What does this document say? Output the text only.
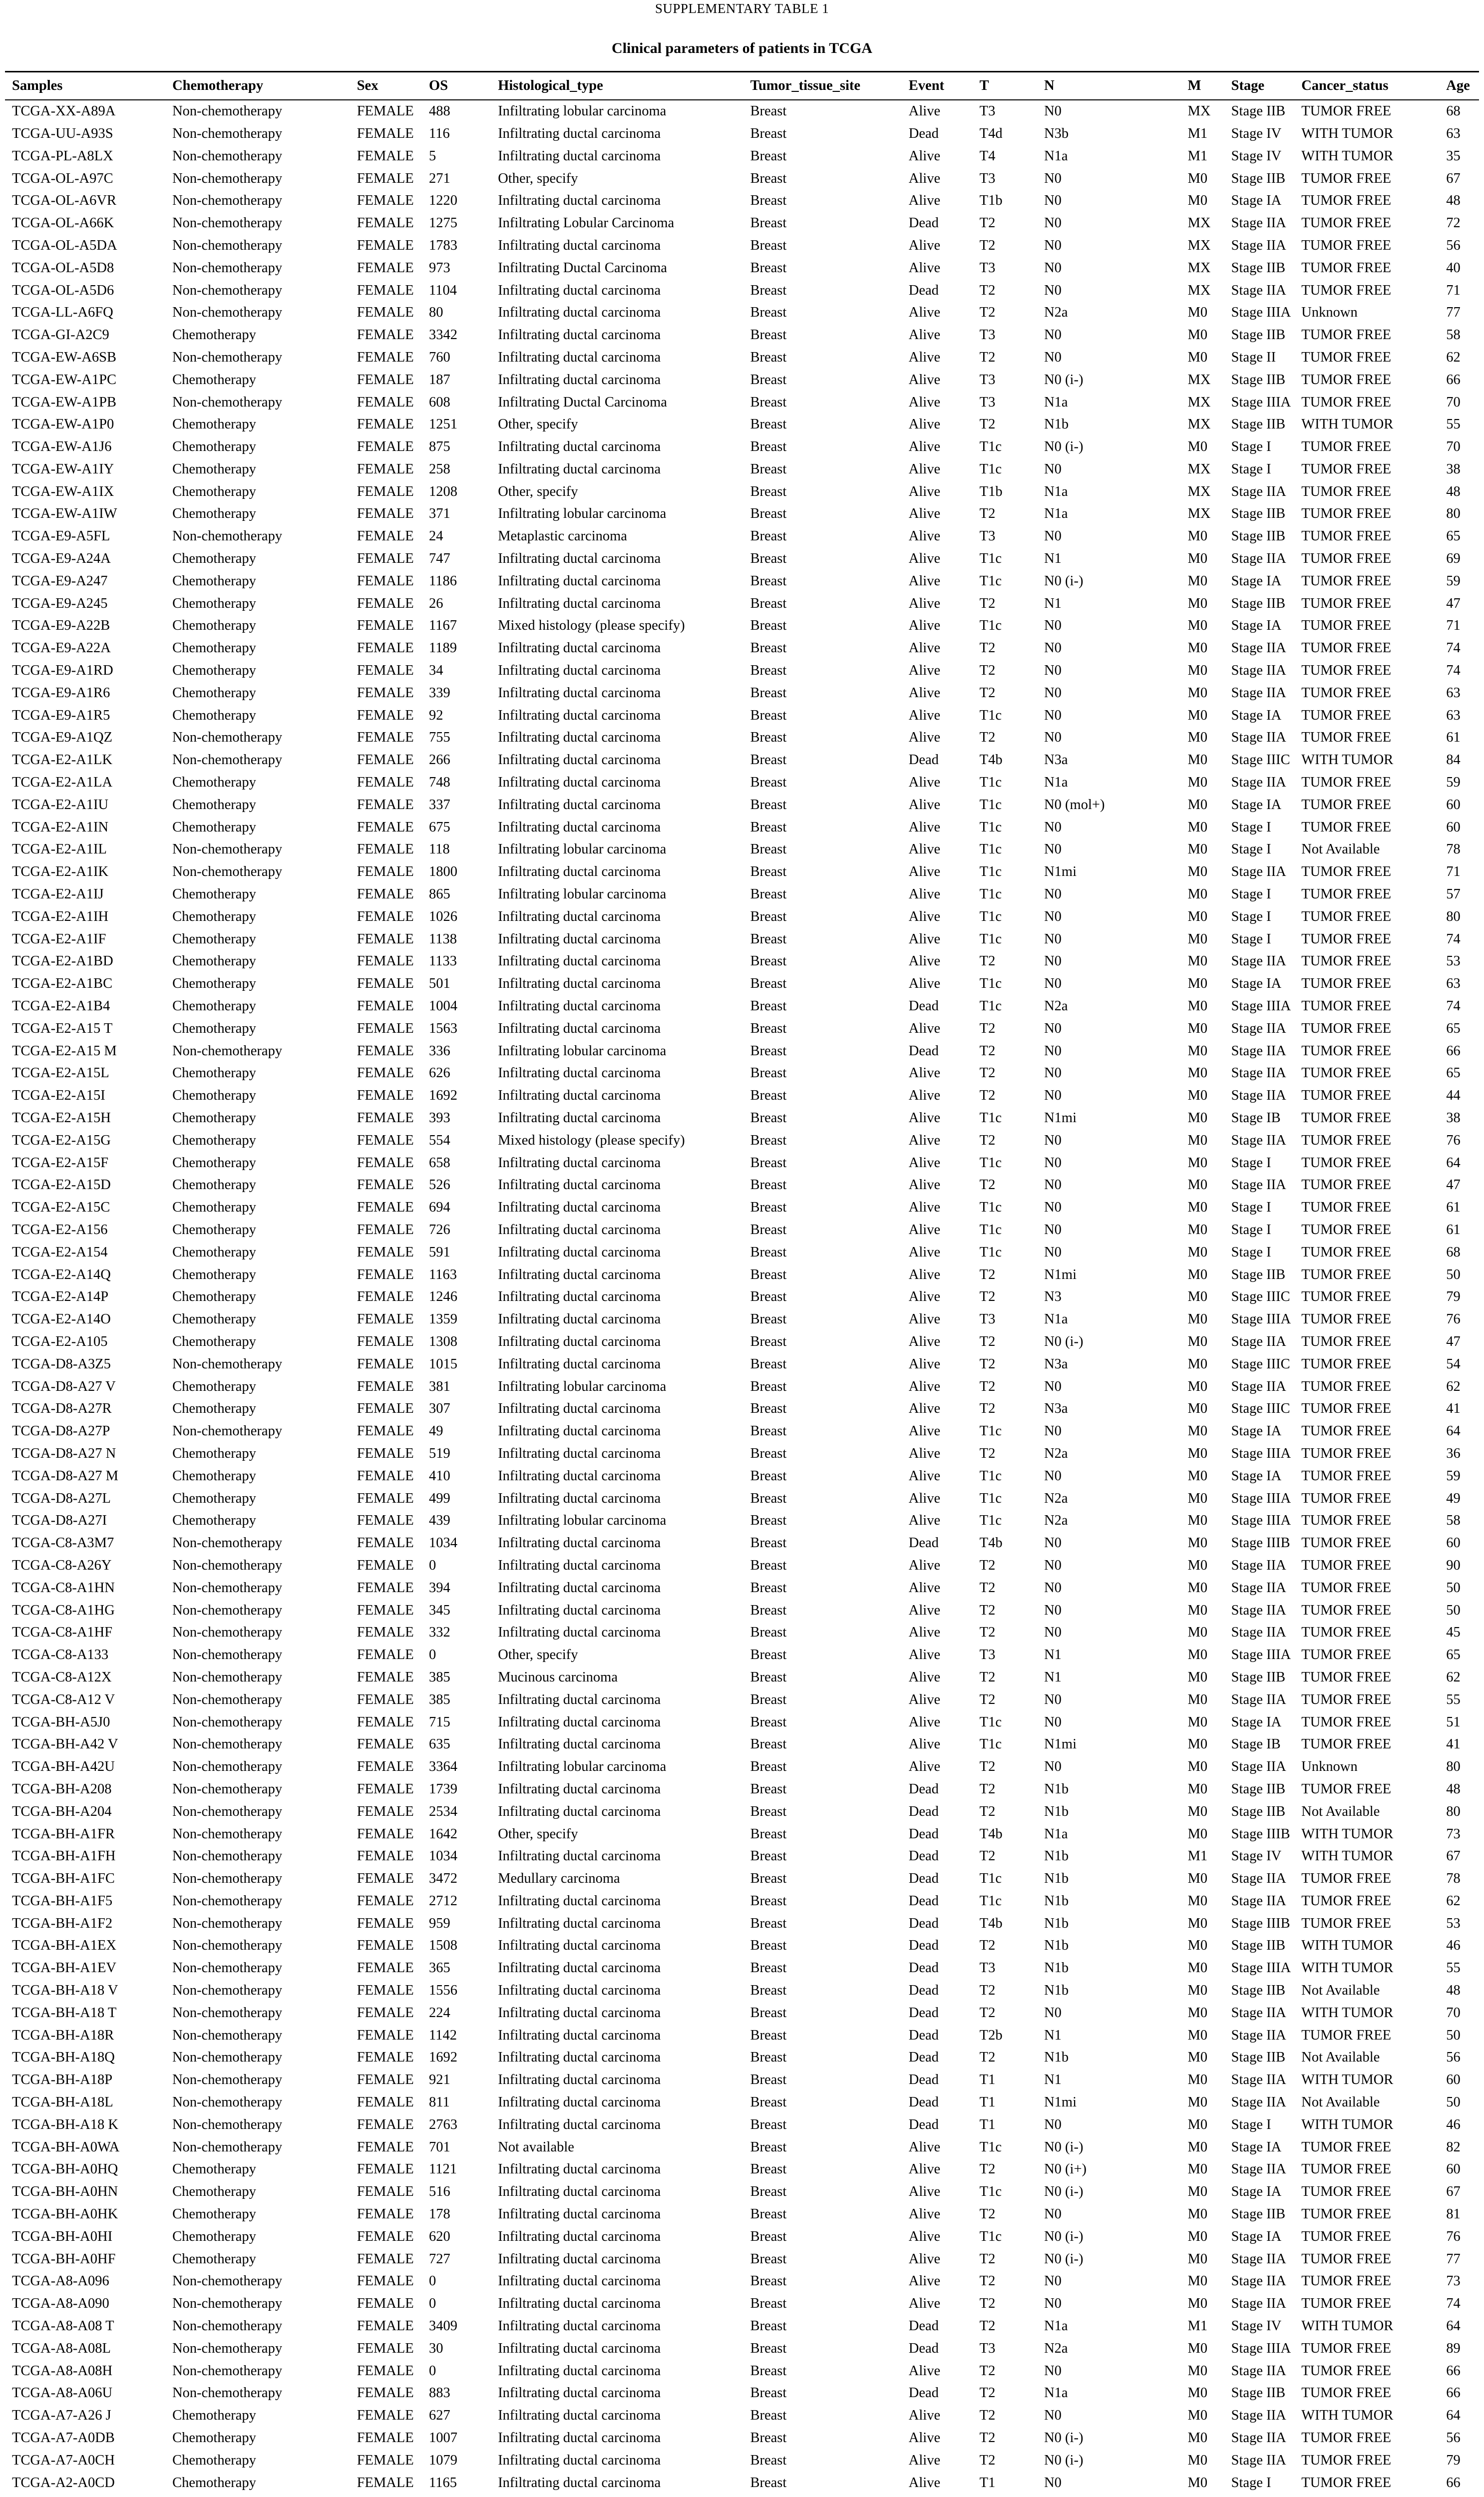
SUPPLEMENTARY TABLE 1
Clinical parameters of patients in TCGA
Samples	Chemotherapy	Sex	OS	Histological_type	Tumor_tissue_site	Event	T	N	M	Stage	Cancer_status	Age
TCGA-XX-A89A	Non-chemotherapy	FEMALE	488	Infiltrating lobular carcinoma	Breast	Alive	T3	N0	MX	Stage IIB	TUMOR FREE	68
TCGA-UU-A93S	Non-chemotherapy	FEMALE	116	Infiltrating ductal carcinoma	Breast	Dead	T4d	N3b	M1	Stage IV	WITH TUMOR	63
TCGA-PL-A8LX	Non-chemotherapy	FEMALE	5	Infiltrating ductal carcinoma	Breast	Alive	T4	N1a	M1	Stage IV	WITH TUMOR	35
TCGA-OL-A97C	Non-chemotherapy	FEMALE	271	Other, specify	Breast	Alive	T3	N0	M0	Stage IIB	TUMOR FREE	67
TCGA-OL-A6VR	Non-chemotherapy	FEMALE	1220	Infiltrating ductal carcinoma	Breast	Alive	T1b	N0	M0	Stage IA	TUMOR FREE	48
TCGA-OL-A66K	Non-chemotherapy	FEMALE	1275	Infiltrating Lobular Carcinoma	Breast	Dead	T2	N0	MX	Stage IIA	TUMOR FREE	72
TCGA-OL-A5DA	Non-chemotherapy	FEMALE	1783	Infiltrating ductal carcinoma	Breast	Alive	T2	N0	MX	Stage IIA	TUMOR FREE	56
TCGA-OL-A5D8	Non-chemotherapy	FEMALE	973	Infiltrating Ductal Carcinoma	Breast	Alive	T3	N0	MX	Stage IIB	TUMOR FREE	40
TCGA-OL-A5D6	Non-chemotherapy	FEMALE	1104	Infiltrating ductal carcinoma	Breast	Dead	T2	N0	MX	Stage IIA	TUMOR FREE	71
TCGA-LL-A6FQ	Non-chemotherapy	FEMALE	80	Infiltrating ductal carcinoma	Breast	Alive	T2	N2a	M0	Stage IIIA	Unknown	77
TCGA-GI-A2C9	Chemotherapy	FEMALE	3342	Infiltrating ductal carcinoma	Breast	Alive	T3	N0	M0	Stage IIB	TUMOR FREE	58
TCGA-EW-A6SB	Non-chemotherapy	FEMALE	760	Infiltrating ductal carcinoma	Breast	Alive	T2	N0	M0	Stage II	TUMOR FREE	62
TCGA-EW-A1PC	Chemotherapy	FEMALE	187	Infiltrating ductal carcinoma	Breast	Alive	T3	N0 (i-)	MX	Stage IIB	TUMOR FREE	66
TCGA-EW-A1PB	Non-chemotherapy	FEMALE	608	Infiltrating Ductal Carcinoma	Breast	Alive	T3	N1a	MX	Stage IIIA	TUMOR FREE	70
TCGA-EW-A1P0	Chemotherapy	FEMALE	1251	Other, specify	Breast	Alive	T2	N1b	MX	Stage IIB	WITH TUMOR	55
TCGA-EW-A1J6	Chemotherapy	FEMALE	875	Infiltrating ductal carcinoma	Breast	Alive	T1c	N0 (i-)	M0	Stage I	TUMOR FREE	70
TCGA-EW-A1IY	Chemotherapy	FEMALE	258	Infiltrating ductal carcinoma	Breast	Alive	T1c	N0	MX	Stage I	TUMOR FREE	38
TCGA-EW-A1IX	Chemotherapy	FEMALE	1208	Other, specify	Breast	Alive	T1b	N1a	MX	Stage IIA	TUMOR FREE	48
TCGA-EW-A1IW	Chemotherapy	FEMALE	371	Infiltrating lobular carcinoma	Breast	Alive	T2	N1a	MX	Stage IIB	TUMOR FREE	80
TCGA-E9-A5FL	Non-chemotherapy	FEMALE	24	Metaplastic carcinoma	Breast	Alive	T3	N0	M0	Stage IIB	TUMOR FREE	65
TCGA-E9-A24A	Chemotherapy	FEMALE	747	Infiltrating ductal carcinoma	Breast	Alive	T1c	N1	M0	Stage IIA	TUMOR FREE	69
TCGA-E9-A247	Chemotherapy	FEMALE	1186	Infiltrating ductal carcinoma	Breast	Alive	T1c	N0 (i-)	M0	Stage IA	TUMOR FREE	59
TCGA-E9-A245	Chemotherapy	FEMALE	26	Infiltrating ductal carcinoma	Breast	Alive	T2	N1	M0	Stage IIB	TUMOR FREE	47
TCGA-E9-A22B	Chemotherapy	FEMALE	1167	Mixed histology (please specify)	Breast	Alive	T1c	N0	M0	Stage IA	TUMOR FREE	71
TCGA-E9-A22A	Chemotherapy	FEMALE	1189	Infiltrating ductal carcinoma	Breast	Alive	T2	N0	M0	Stage IIA	TUMOR FREE	74
TCGA-E9-A1RD	Chemotherapy	FEMALE	34	Infiltrating ductal carcinoma	Breast	Alive	T2	N0	M0	Stage IIA	TUMOR FREE	74
TCGA-E9-A1R6	Chemotherapy	FEMALE	339	Infiltrating ductal carcinoma	Breast	Alive	T2	N0	M0	Stage IIA	TUMOR FREE	63
TCGA-E9-A1R5	Chemotherapy	FEMALE	92	Infiltrating ductal carcinoma	Breast	Alive	T1c	N0	M0	Stage IA	TUMOR FREE	63
TCGA-E9-A1QZ	Non-chemotherapy	FEMALE	755	Infiltrating ductal carcinoma	Breast	Alive	T2	N0	M0	Stage IIA	TUMOR FREE	61
TCGA-E2-A1LK	Non-chemotherapy	FEMALE	266	Infiltrating ductal carcinoma	Breast	Dead	T4b	N3a	M0	Stage IIIC	WITH TUMOR	84
TCGA-E2-A1LA	Chemotherapy	FEMALE	748	Infiltrating ductal carcinoma	Breast	Alive	T1c	N1a	M0	Stage IIA	TUMOR FREE	59
TCGA-E2-A1IU	Chemotherapy	FEMALE	337	Infiltrating ductal carcinoma	Breast	Alive	T1c	N0 (mol+)	M0	Stage IA	TUMOR FREE	60
TCGA-E2-A1IN	Chemotherapy	FEMALE	675	Infiltrating ductal carcinoma	Breast	Alive	T1c	N0	M0	Stage I	TUMOR FREE	60
TCGA-E2-A1IL	Non-chemotherapy	FEMALE	118	Infiltrating lobular carcinoma	Breast	Alive	T1c	N0	M0	Stage I	Not Available	78
TCGA-E2-A1IK	Non-chemotherapy	FEMALE	1800	Infiltrating ductal carcinoma	Breast	Alive	T1c	N1mi	M0	Stage IIA	TUMOR FREE	71
TCGA-E2-A1IJ	Chemotherapy	FEMALE	865	Infiltrating lobular carcinoma	Breast	Alive	T1c	N0	M0	Stage I	TUMOR FREE	57
TCGA-E2-A1IH	Chemotherapy	FEMALE	1026	Infiltrating ductal carcinoma	Breast	Alive	T1c	N0	M0	Stage I	TUMOR FREE	80
TCGA-E2-A1IF	Chemotherapy	FEMALE	1138	Infiltrating ductal carcinoma	Breast	Alive	T1c	N0	M0	Stage I	TUMOR FREE	74
TCGA-E2-A1BD	Chemotherapy	FEMALE	1133	Infiltrating ductal carcinoma	Breast	Alive	T2	N0	M0	Stage IIA	TUMOR FREE	53
TCGA-E2-A1BC	Chemotherapy	FEMALE	501	Infiltrating ductal carcinoma	Breast	Alive	T1c	N0	M0	Stage IA	TUMOR FREE	63
TCGA-E2-A1B4	Chemotherapy	FEMALE	1004	Infiltrating ductal carcinoma	Breast	Dead	T1c	N2a	M0	Stage IIIA	TUMOR FREE	74
TCGA-E2-A15 T	Chemotherapy	FEMALE	1563	Infiltrating ductal carcinoma	Breast	Alive	T2	N0	M0	Stage IIA	TUMOR FREE	65
TCGA-E2-A15 M	Non-chemotherapy	FEMALE	336	Infiltrating lobular carcinoma	Breast	Dead	T2	N0	M0	Stage IIA	TUMOR FREE	66
TCGA-E2-A15L	Chemotherapy	FEMALE	626	Infiltrating ductal carcinoma	Breast	Alive	T2	N0	M0	Stage IIA	TUMOR FREE	65
TCGA-E2-A15I	Chemotherapy	FEMALE	1692	Infiltrating ductal carcinoma	Breast	Alive	T2	N0	M0	Stage IIA	TUMOR FREE	44
TCGA-E2-A15H	Chemotherapy	FEMALE	393	Infiltrating ductal carcinoma	Breast	Alive	T1c	N1mi	M0	Stage IB	TUMOR FREE	38
TCGA-E2-A15G	Chemotherapy	FEMALE	554	Mixed histology (please specify)	Breast	Alive	T2	N0	M0	Stage IIA	TUMOR FREE	76
TCGA-E2-A15F	Chemotherapy	FEMALE	658	Infiltrating ductal carcinoma	Breast	Alive	T1c	N0	M0	Stage I	TUMOR FREE	64
TCGA-E2-A15D	Chemotherapy	FEMALE	526	Infiltrating ductal carcinoma	Breast	Alive	T2	N0	M0	Stage IIA	TUMOR FREE	47
TCGA-E2-A15C	Chemotherapy	FEMALE	694	Infiltrating ductal carcinoma	Breast	Alive	T1c	N0	M0	Stage I	TUMOR FREE	61
TCGA-E2-A156	Chemotherapy	FEMALE	726	Infiltrating ductal carcinoma	Breast	Alive	T1c	N0	M0	Stage I	TUMOR FREE	61
TCGA-E2-A154	Chemotherapy	FEMALE	591	Infiltrating ductal carcinoma	Breast	Alive	T1c	N0	M0	Stage I	TUMOR FREE	68
TCGA-E2-A14Q	Chemotherapy	FEMALE	1163	Infiltrating ductal carcinoma	Breast	Alive	T2	N1mi	M0	Stage IIB	TUMOR FREE	50
TCGA-E2-A14P	Chemotherapy	FEMALE	1246	Infiltrating ductal carcinoma	Breast	Alive	T2	N3	M0	Stage IIIC	TUMOR FREE	79
TCGA-E2-A14O	Chemotherapy	FEMALE	1359	Infiltrating ductal carcinoma	Breast	Alive	T3	N1a	M0	Stage IIIA	TUMOR FREE	76
TCGA-E2-A105	Chemotherapy	FEMALE	1308	Infiltrating ductal carcinoma	Breast	Alive	T2	N0 (i-)	M0	Stage IIA	TUMOR FREE	47
TCGA-D8-A3Z5	Non-chemotherapy	FEMALE	1015	Infiltrating ductal carcinoma	Breast	Alive	T2	N3a	M0	Stage IIIC	TUMOR FREE	54
TCGA-D8-A27 V	Chemotherapy	FEMALE	381	Infiltrating lobular carcinoma	Breast	Alive	T2	N0	M0	Stage IIA	TUMOR FREE	62
TCGA-D8-A27R	Chemotherapy	FEMALE	307	Infiltrating ductal carcinoma	Breast	Alive	T2	N3a	M0	Stage IIIC	TUMOR FREE	41
TCGA-D8-A27P	Non-chemotherapy	FEMALE	49	Infiltrating ductal carcinoma	Breast	Alive	T1c	N0	M0	Stage IA	TUMOR FREE	64
TCGA-D8-A27 N	Chemotherapy	FEMALE	519	Infiltrating ductal carcinoma	Breast	Alive	T2	N2a	M0	Stage IIIA	TUMOR FREE	36
TCGA-D8-A27 M	Chemotherapy	FEMALE	410	Infiltrating ductal carcinoma	Breast	Alive	T1c	N0	M0	Stage IA	TUMOR FREE	59
TCGA-D8-A27L	Chemotherapy	FEMALE	499	Infiltrating ductal carcinoma	Breast	Alive	T1c	N2a	M0	Stage IIIA	TUMOR FREE	49
TCGA-D8-A27I	Chemotherapy	FEMALE	439	Infiltrating lobular carcinoma	Breast	Alive	T1c	N2a	M0	Stage IIIA	TUMOR FREE	58
TCGA-C8-A3M7	Non-chemotherapy	FEMALE	1034	Infiltrating ductal carcinoma	Breast	Dead	T4b	N0	M0	Stage IIIB	TUMOR FREE	60
TCGA-C8-A26Y	Non-chemotherapy	FEMALE	0	Infiltrating ductal carcinoma	Breast	Alive	T2	N0	M0	Stage IIA	TUMOR FREE	90
TCGA-C8-A1HN	Non-chemotherapy	FEMALE	394	Infiltrating ductal carcinoma	Breast	Alive	T2	N0	M0	Stage IIA	TUMOR FREE	50
TCGA-C8-A1HG	Non-chemotherapy	FEMALE	345	Infiltrating ductal carcinoma	Breast	Alive	T2	N0	M0	Stage IIA	TUMOR FREE	50
TCGA-C8-A1HF	Non-chemotherapy	FEMALE	332	Infiltrating ductal carcinoma	Breast	Alive	T2	N0	M0	Stage IIA	TUMOR FREE	45
TCGA-C8-A133	Non-chemotherapy	FEMALE	0	Other, specify	Breast	Alive	T3	N1	M0	Stage IIIA	TUMOR FREE	65
TCGA-C8-A12X	Non-chemotherapy	FEMALE	385	Mucinous carcinoma	Breast	Alive	T2	N1	M0	Stage IIB	TUMOR FREE	62
TCGA-C8-A12 V	Non-chemotherapy	FEMALE	385	Infiltrating ductal carcinoma	Breast	Alive	T2	N0	M0	Stage IIA	TUMOR FREE	55
TCGA-BH-A5J0	Non-chemotherapy	FEMALE	715	Infiltrating ductal carcinoma	Breast	Alive	T1c	N0	M0	Stage IA	TUMOR FREE	51
TCGA-BH-A42 V	Non-chemotherapy	FEMALE	635	Infiltrating ductal carcinoma	Breast	Alive	T1c	N1mi	M0	Stage IB	TUMOR FREE	41
TCGA-BH-A42U	Non-chemotherapy	FEMALE	3364	Infiltrating lobular carcinoma	Breast	Alive	T2	N0	M0	Stage IIA	Unknown	80
TCGA-BH-A208	Non-chemotherapy	FEMALE	1739	Infiltrating ductal carcinoma	Breast	Dead	T2	N1b	M0	Stage IIB	TUMOR FREE	48
TCGA-BH-A204	Non-chemotherapy	FEMALE	2534	Infiltrating ductal carcinoma	Breast	Dead	T2	N1b	M0	Stage IIB	Not Available	80
TCGA-BH-A1FR	Non-chemotherapy	FEMALE	1642	Other, specify	Breast	Dead	T4b	N1a	M0	Stage IIIB	WITH TUMOR	73
TCGA-BH-A1FH	Non-chemotherapy	FEMALE	1034	Infiltrating ductal carcinoma	Breast	Dead	T2	N1b	M1	Stage IV	WITH TUMOR	67
TCGA-BH-A1FC	Non-chemotherapy	FEMALE	3472	Medullary carcinoma	Breast	Dead	T1c	N1b	M0	Stage IIA	TUMOR FREE	78
TCGA-BH-A1F5	Non-chemotherapy	FEMALE	2712	Infiltrating ductal carcinoma	Breast	Dead	T1c	N1b	M0	Stage IIA	TUMOR FREE	62
TCGA-BH-A1F2	Non-chemotherapy	FEMALE	959	Infiltrating ductal carcinoma	Breast	Dead	T4b	N1b	M0	Stage IIIB	TUMOR FREE	53
TCGA-BH-A1EX	Non-chemotherapy	FEMALE	1508	Infiltrating ductal carcinoma	Breast	Dead	T2	N1b	M0	Stage IIB	WITH TUMOR	46
TCGA-BH-A1EV	Non-chemotherapy	FEMALE	365	Infiltrating ductal carcinoma	Breast	Dead	T3	N1b	M0	Stage IIIA	WITH TUMOR	55
TCGA-BH-A18 V	Non-chemotherapy	FEMALE	1556	Infiltrating ductal carcinoma	Breast	Dead	T2	N1b	M0	Stage IIB	Not Available	48
TCGA-BH-A18 T	Non-chemotherapy	FEMALE	224	Infiltrating ductal carcinoma	Breast	Dead	T2	N0	M0	Stage IIA	WITH TUMOR	70
TCGA-BH-A18R	Non-chemotherapy	FEMALE	1142	Infiltrating ductal carcinoma	Breast	Dead	T2b	N1	M0	Stage IIA	TUMOR FREE	50
TCGA-BH-A18Q	Non-chemotherapy	FEMALE	1692	Infiltrating ductal carcinoma	Breast	Dead	T2	N1b	M0	Stage IIB	Not Available	56
TCGA-BH-A18P	Non-chemotherapy	FEMALE	921	Infiltrating ductal carcinoma	Breast	Dead	T1	N1	M0	Stage IIA	WITH TUMOR	60
TCGA-BH-A18L	Non-chemotherapy	FEMALE	811	Infiltrating ductal carcinoma	Breast	Dead	T1	N1mi	M0	Stage IIA	Not Available	50
TCGA-BH-A18 K	Non-chemotherapy	FEMALE	2763	Infiltrating ductal carcinoma	Breast	Dead	T1	N0	M0	Stage I	WITH TUMOR	46
TCGA-BH-A0WA	Non-chemotherapy	FEMALE	701	Not available	Breast	Alive	T1c	N0 (i-)	M0	Stage IA	TUMOR FREE	82
TCGA-BH-A0HQ	Chemotherapy	FEMALE	1121	Infiltrating ductal carcinoma	Breast	Alive	T2	N0 (i+)	M0	Stage IIA	TUMOR FREE	60
TCGA-BH-A0HN	Chemotherapy	FEMALE	516	Infiltrating ductal carcinoma	Breast	Alive	T1c	N0 (i-)	M0	Stage IA	TUMOR FREE	67
TCGA-BH-A0HK	Chemotherapy	FEMALE	178	Infiltrating ductal carcinoma	Breast	Alive	T2	N0	M0	Stage IIB	TUMOR FREE	81
TCGA-BH-A0HI	Chemotherapy	FEMALE	620	Infiltrating ductal carcinoma	Breast	Alive	T1c	N0 (i-)	M0	Stage IA	TUMOR FREE	76
TCGA-BH-A0HF	Chemotherapy	FEMALE	727	Infiltrating ductal carcinoma	Breast	Alive	T2	N0 (i-)	M0	Stage IIA	TUMOR FREE	77
TCGA-A8-A096	Non-chemotherapy	FEMALE	0	Infiltrating ductal carcinoma	Breast	Alive	T2	N0	M0	Stage IIA	TUMOR FREE	73
TCGA-A8-A090	Non-chemotherapy	FEMALE	0	Infiltrating ductal carcinoma	Breast	Alive	T2	N0	M0	Stage IIA	TUMOR FREE	74
TCGA-A8-A08 T	Non-chemotherapy	FEMALE	3409	Infiltrating ductal carcinoma	Breast	Dead	T2	N1a	M1	Stage IV	WITH TUMOR	64
TCGA-A8-A08L	Non-chemotherapy	FEMALE	30	Infiltrating ductal carcinoma	Breast	Dead	T3	N2a	M0	Stage IIIA	TUMOR FREE	89
TCGA-A8-A08H	Non-chemotherapy	FEMALE	0	Infiltrating ductal carcinoma	Breast	Alive	T2	N0	M0	Stage IIA	TUMOR FREE	66
TCGA-A8-A06U	Non-chemotherapy	FEMALE	883	Infiltrating ductal carcinoma	Breast	Dead	T2	N1a	M0	Stage IIB	TUMOR FREE	66
TCGA-A7-A26 J	Chemotherapy	FEMALE	627	Infiltrating ductal carcinoma	Breast	Alive	T2	N0	M0	Stage IIA	WITH TUMOR	64
TCGA-A7-A0DB	Chemotherapy	FEMALE	1007	Infiltrating ductal carcinoma	Breast	Alive	T2	N0 (i-)	M0	Stage IIA	TUMOR FREE	56
TCGA-A7-A0CH	Chemotherapy	FEMALE	1079	Infiltrating ductal carcinoma	Breast	Alive	T2	N0 (i-)	M0	Stage IIA	TUMOR FREE	79
TCGA-A2-A0CD	Chemotherapy	FEMALE	1165	Infiltrating ductal carcinoma	Breast	Alive	T1	N0	M0	Stage I	TUMOR FREE	66
